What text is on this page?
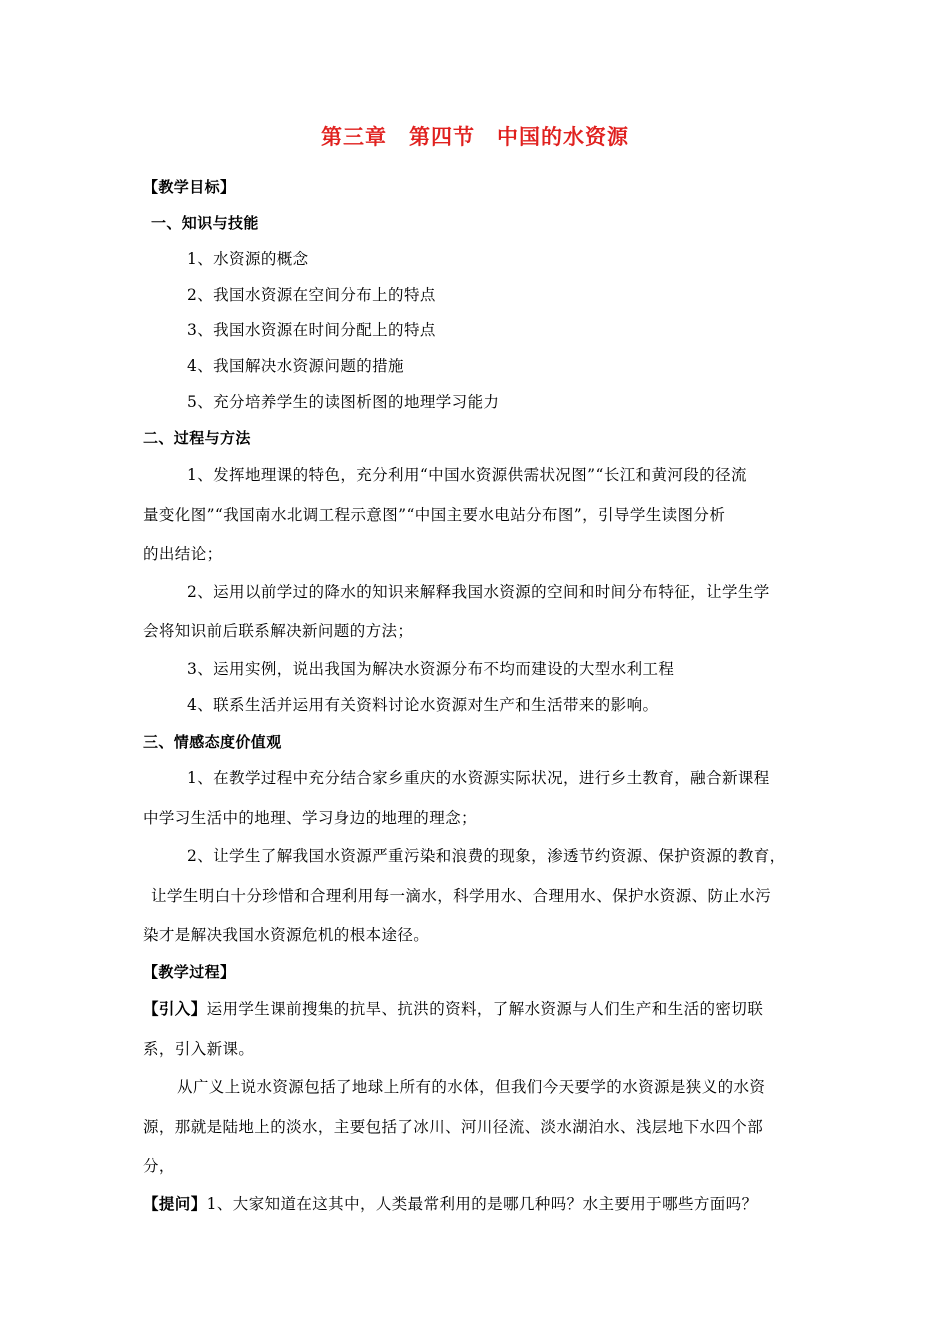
第三章　第四节　中国的水资源
【教学目标】
一、知识与技能
1、水资源的概念
2、我国水资源在空间分布上的特点
3、我国水资源在时间分配上的特点
4、我国解决水资源问题的措施
5、充分培养学生的读图析图的地理学习能力
二、过程与方法
1、发挥地理课的特色，充分利用“中国水资源供需状况图”“长江和黄河段的径流
量变化图”“我国南水北调工程示意图”“中国主要水电站分布图”，引导学生读图分析
的出结论；
2、运用以前学过的降水的知识来解释我国水资源的空间和时间分布特征，让学生学
会将知识前后联系解决新问题的方法；
3、运用实例，说出我国为解决水资源分布不均而建设的大型水利工程
4、联系生活并运用有关资料讨论水资源对生产和生活带来的影响。
三、情感态度价值观
1、在教学过程中充分结合家乡重庆的水资源实际状况，进行乡土教育，融合新课程
中学习生活中的地理、学习身边的地理的理念；
2、让学生了解我国水资源严重污染和浪费的现象，渗透节约资源、保护资源的教育，
让学生明白十分珍惜和合理利用每一滴水，科学用水、合理用水、保护水资源、防止水污
染才是解决我国水资源危机的根本途径。
【教学过程】
【引入】运用学生课前搜集的抗旱、抗洪的资料，了解水资源与人们生产和生活的密切联
系，引入新课。
从广义上说水资源包括了地球上所有的水体，但我们今天要学的水资源是狭义的水资
源，那就是陆地上的淡水，主要包括了冰川、河川径流、淡水湖泊水、浅层地下水四个部
分，
【提问】1、大家知道在这其中，人类最常利用的是哪几种吗？水主要用于哪些方面吗？
